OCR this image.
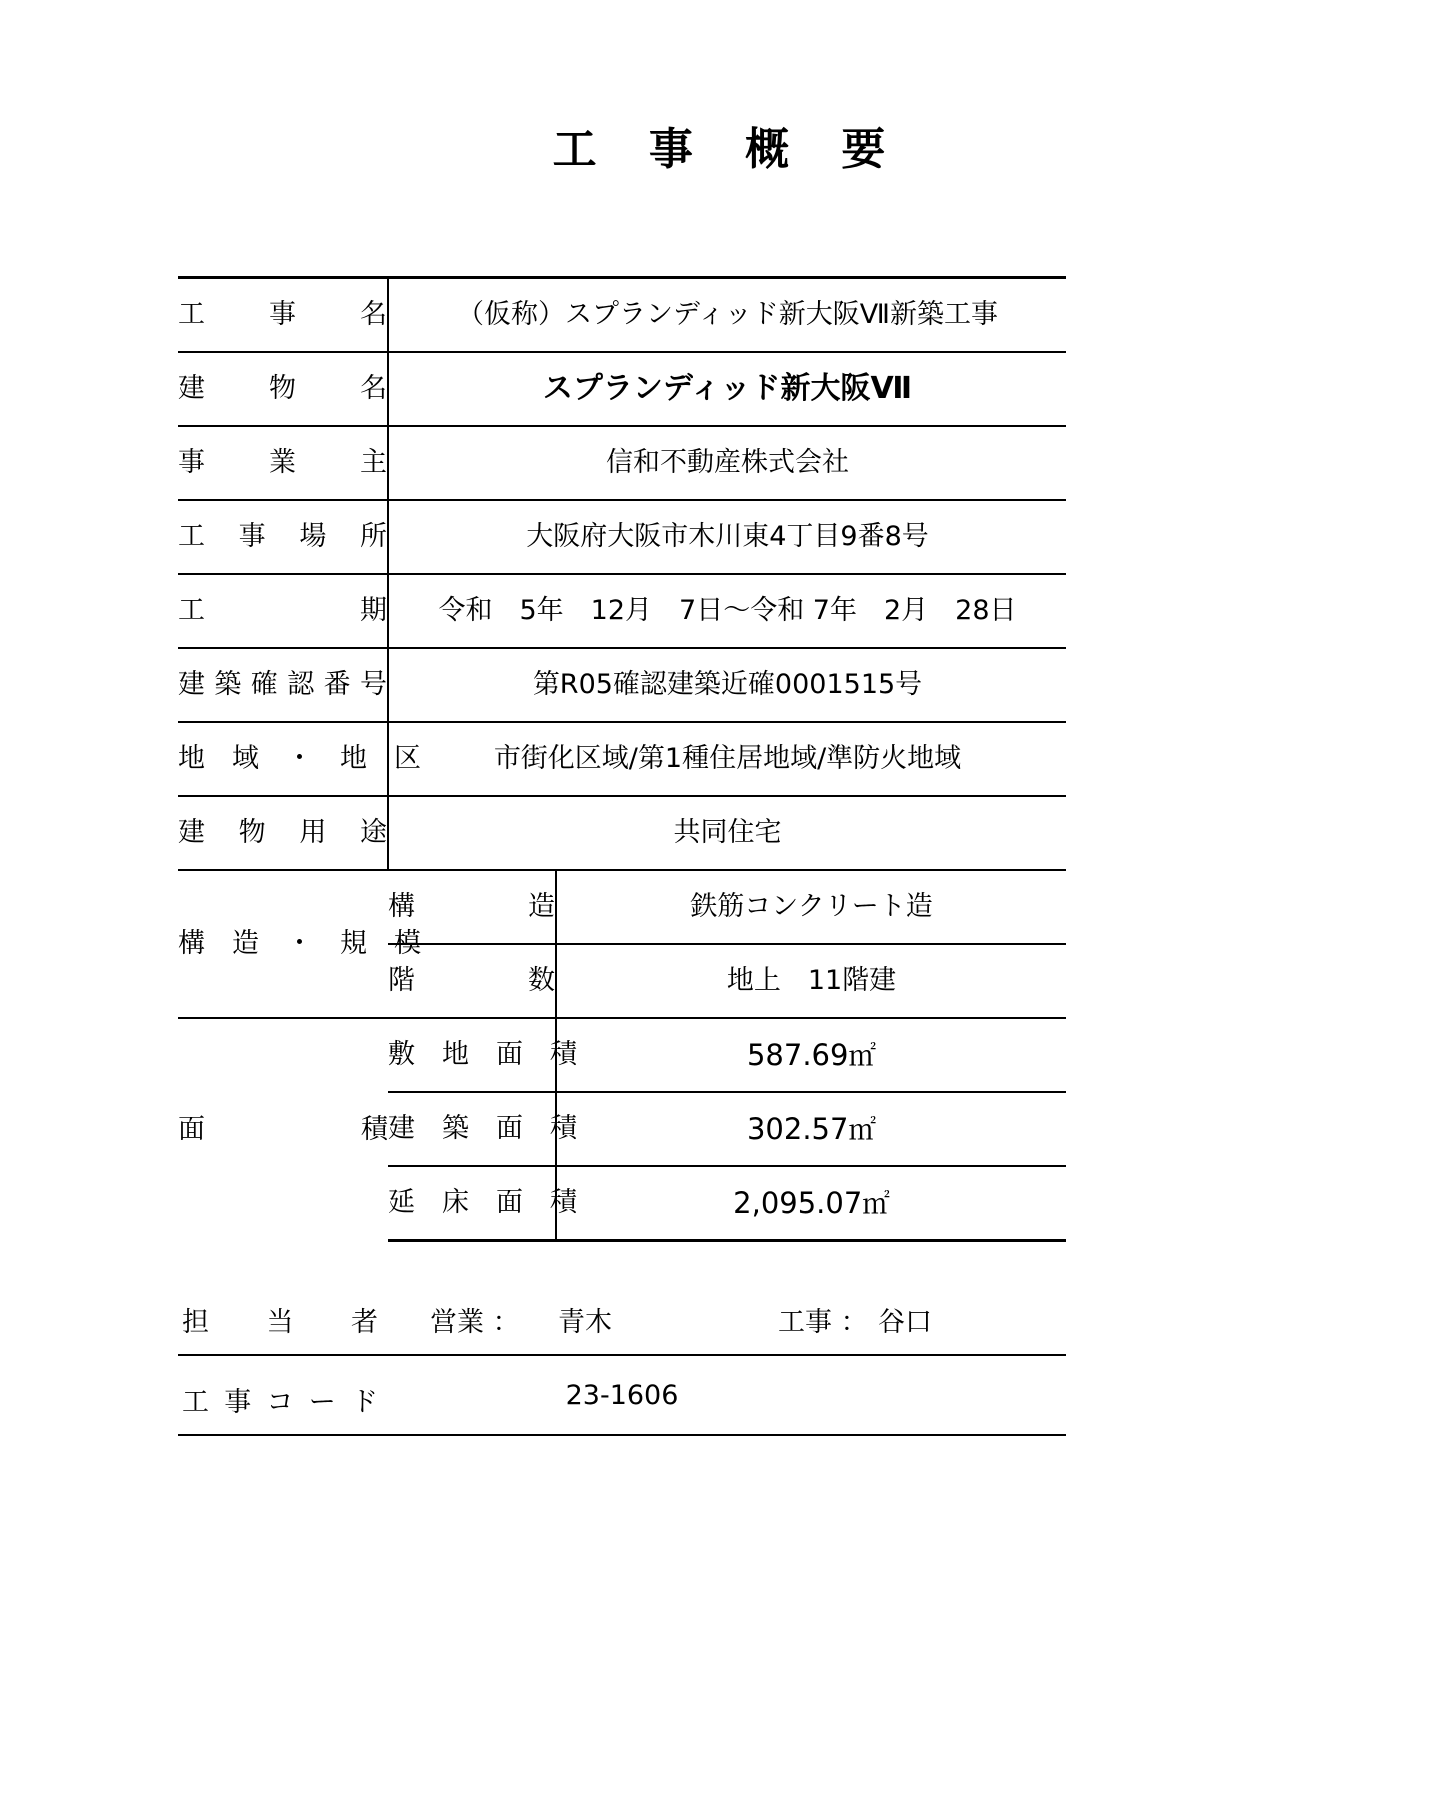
工 事 概 要
工　事　名	（仮称）スプランディッド新大阪Ⅶ新築工事	
建　物　名	スプランディッド新大阪Ⅶ	
事　業　主	信和不動産株式会社	
工　事　場　所	大阪府大阪市木川東4丁目9番8号	
工　　　期	令和　5年　12月　7日～令和 7年　2月　28日	
建築確認番号	第R05確認建築近確0001515号	
地　域　・　地　区	市街化区域/第1種住居地域/準防火地域	
建　物　用　途	共同住宅	
構　造　・　規　模	構　　　造	鉄筋コンクリート造
	階　　　数	地上　11階建
面　　　　積	敷　地　面　積	587.69㎡
	建　築　面　積	302.57㎡
	延　床　面　積	2,095.07㎡
担　当　者 営業 ： 青木	工事 ： 谷口
工 事 コ ー ド	23-1606
